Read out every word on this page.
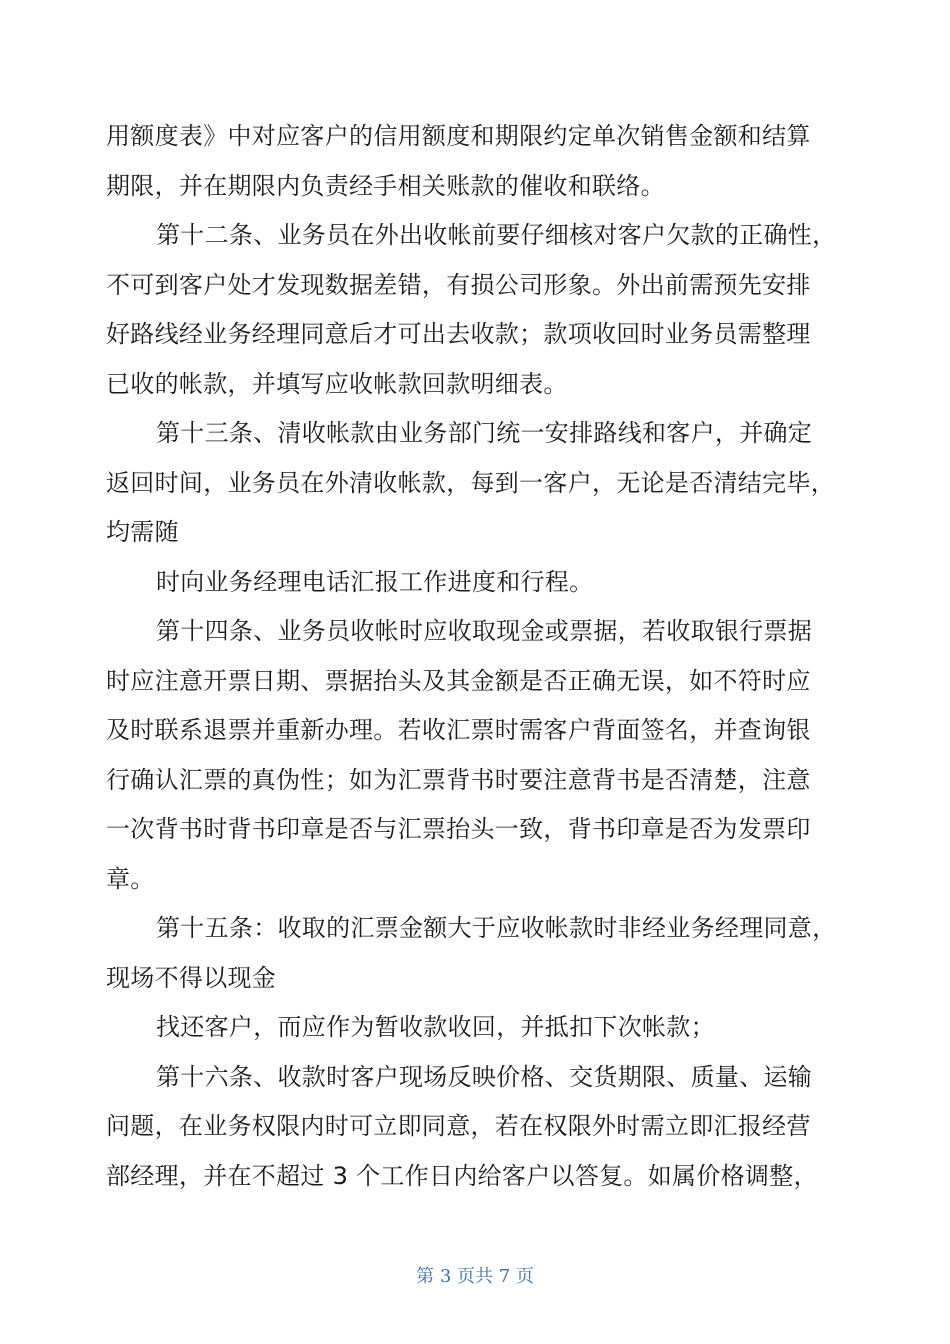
用额度表》中对应客户的信用额度和期限约定单次销售金额和结算
期限，并在期限内负责经手相关账款的催收和联络。
第十二条、业务员在外出收帐前要仔细核对客户欠款的正确性，
不可到客户处才发现数据差错，有损公司形象。外出前需预先安排
好路线经业务经理同意后才可出去收款；款项收回时业务员需整理
已收的帐款，并填写应收帐款回款明细表。
第十三条、清收帐款由业务部门统一安排路线和客户，并确定
返回时间，业务员在外清收帐款，每到一客户，无论是否清结完毕，
均需随
时向业务经理电话汇报工作进度和行程。
第十四条、业务员收帐时应收取现金或票据，若收取银行票据
时应注意开票日期、票据抬头及其金额是否正确无误，如不符时应
及时联系退票并重新办理。若收汇票时需客户背面签名，并查询银
行确认汇票的真伪性；如为汇票背书时要注意背书是否清楚，注意
一次背书时背书印章是否与汇票抬头一致，背书印章是否为发票印
章。
第十五条：收取的汇票金额大于应收帐款时非经业务经理同意，
现场不得以现金
找还客户，而应作为暂收款收回，并抵扣下次帐款；
第十六条、收款时客户现场反映价格、交货期限、质量、运输
问题，在业务权限内时可立即同意，若在权限外时需立即汇报经营
部经理，并在不超过 3 个工作日内给客户以答复。如属价格调整，
第 3 页共 7 页
